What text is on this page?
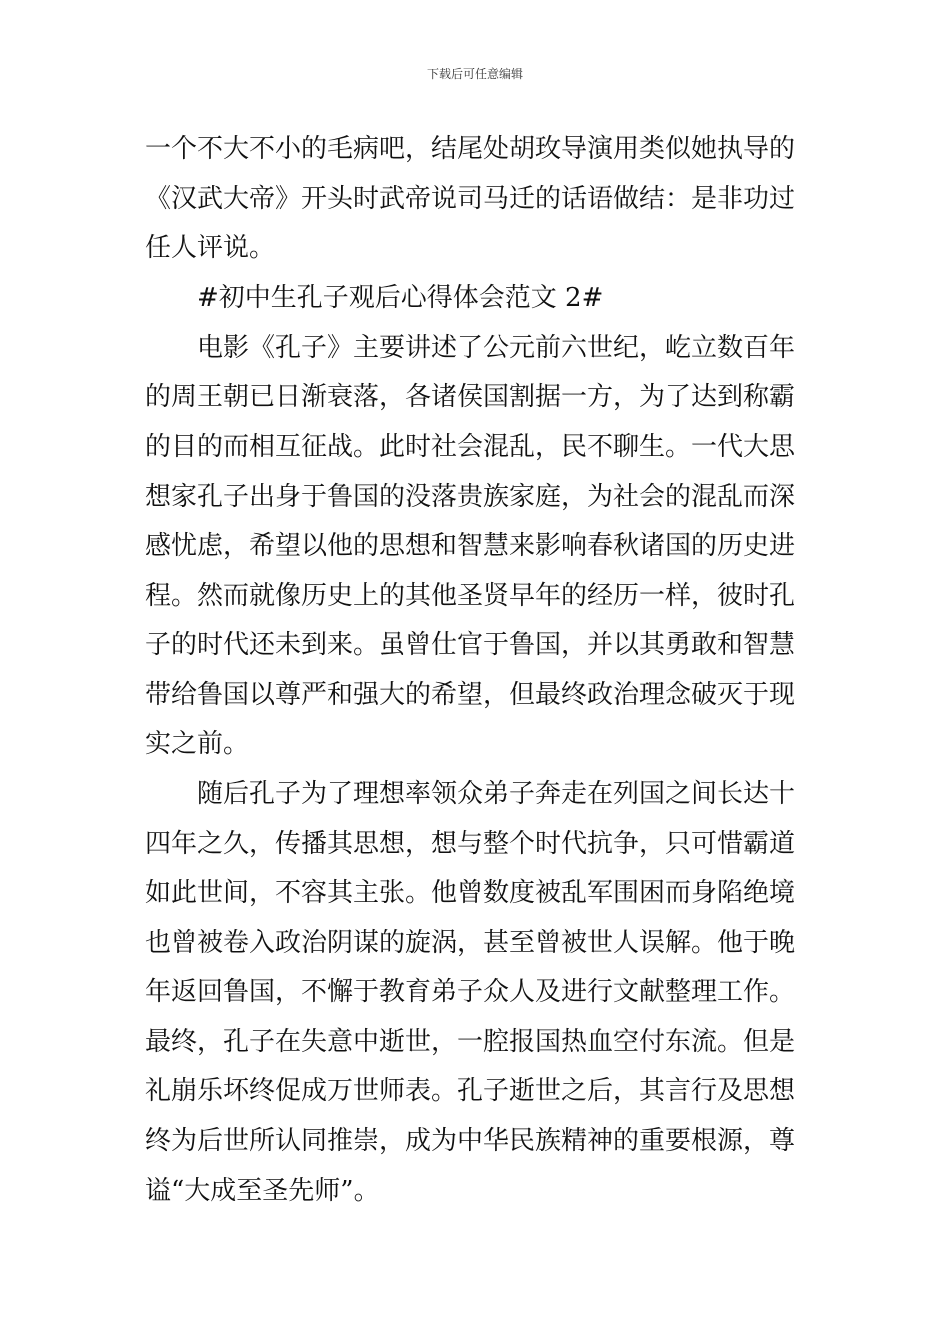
下载后可任意编辑
一个不大不小的毛病吧，结尾处胡玫导演用类似她执导的
《汉武大帝》开头时武帝说司马迁的话语做结：是非功过
任人评说。
#初中生孔子观后心得体会范文 2#
电影《孔子》主要讲述了公元前六世纪，屹立数百年
的周王朝已日渐衰落，各诸侯国割据一方，为了达到称霸
的目的而相互征战。此时社会混乱，民不聊生。一代大思
想家孔子出身于鲁国的没落贵族家庭，为社会的混乱而深
感忧虑，希望以他的思想和智慧来影响春秋诸国的历史进
程。然而就像历史上的其他圣贤早年的经历一样，彼时孔
子的时代还未到来。虽曾仕官于鲁国，并以其勇敢和智慧
带给鲁国以尊严和强大的希望，但最终政治理念破灭于现
实之前。
随后孔子为了理想率领众弟子奔走在列国之间长达十
四年之久，传播其思想，想与整个时代抗争，只可惜霸道
如此世间，不容其主张。他曾数度被乱军围困而身陷绝境
也曾被卷入政治阴谋的旋涡，甚至曾被世人误解。他于晚
年返回鲁国，不懈于教育弟子众人及进行文献整理工作。
最终，孔子在失意中逝世，一腔报国热血空付东流。但是
礼崩乐坏终促成万世师表。孔子逝世之后，其言行及思想
终为后世所认同推崇，成为中华民族精神的重要根源，尊
谥“大成至圣先师”。
